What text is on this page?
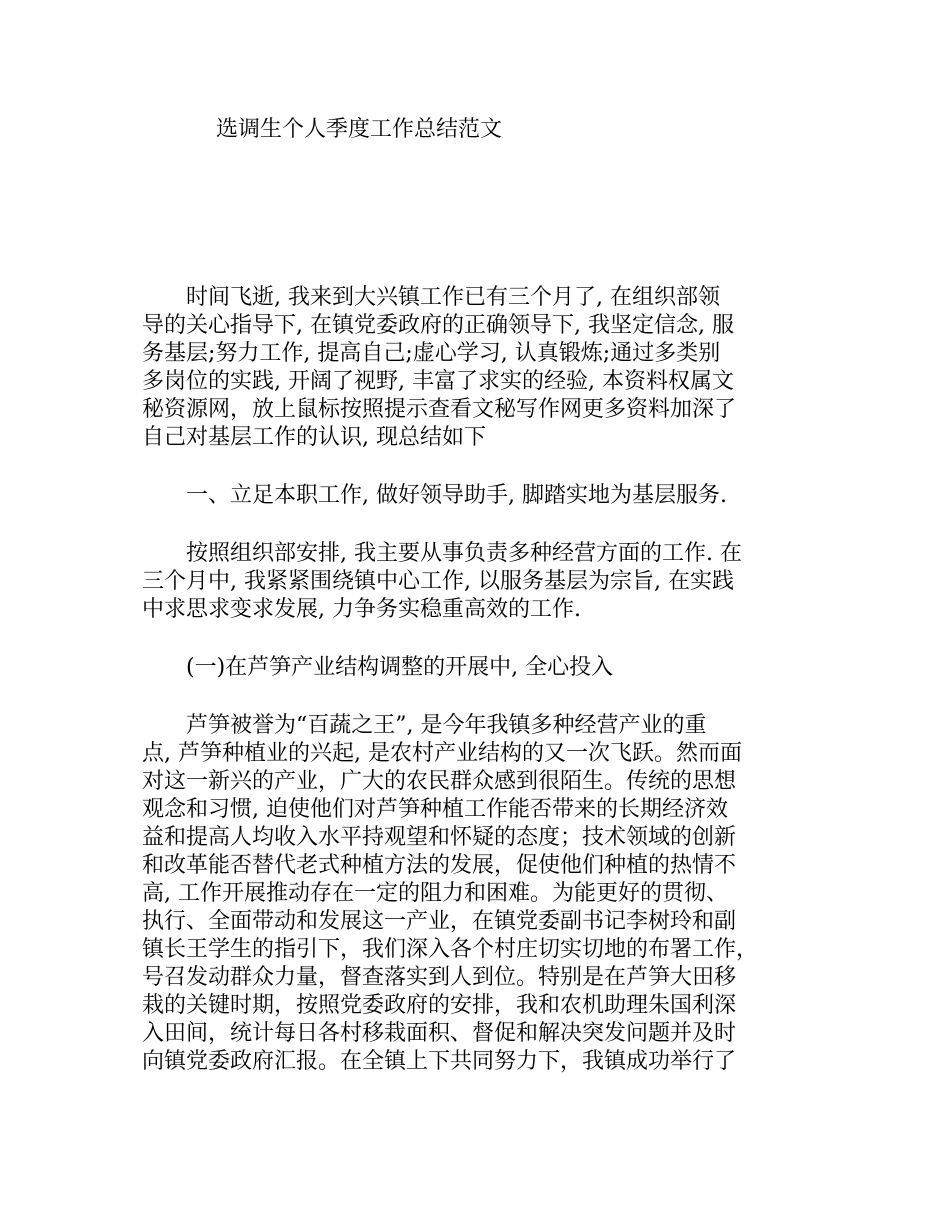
选调生个人季度工作总结范文
　　时间飞逝, 我来到大兴镇工作已有三个月了, 在组织部领
导的关心指导下, 在镇党委政府的正确领导下, 我坚定信念, 服
务基层;努力工作, 提高自己;虚心学习, 认真锻炼;通过多类别
多岗位的实践, 开阔了视野, 丰富了求实的经验, 本资料权属文
秘资源网，放上鼠标按照提示查看文秘写作网更多资料加深了
自己对基层工作的认识, 现总结如下
　　一、立足本职工作, 做好领导助手, 脚踏实地为基层服务.
　　按照组织部安排, 我主要从事负责多种经营方面的工作. 在
三个月中, 我紧紧围绕镇中心工作, 以服务基层为宗旨, 在实践
中求思求变求发展, 力争务实稳重高效的工作.
　　(一)在芦笋产业结构调整的开展中, 全心投入
　　芦笋被誉为“百蔬之王”, 是今年我镇多种经营产业的重
点, 芦笋种植业的兴起, 是农村产业结构的又一次飞跃。然而面
对这一新兴的产业，广大的农民群众感到很陌生。传统的思想
观念和习惯, 迫使他们对芦笋种植工作能否带来的长期经济效
益和提高人均收入水平持观望和怀疑的态度；技术领域的创新
和改革能否替代老式种植方法的发展，促使他们种植的热情不
高, 工作开展推动存在一定的阻力和困难。为能更好的贯彻、
执行、全面带动和发展这一产业，在镇党委副书记李树玲和副
镇长王学生的指引下，我们深入各个村庄切实切地的布署工作，
号召发动群众力量，督查落实到人到位。特别是在芦笋大田移
栽的关键时期，按照党委政府的安排，我和农机助理朱国利深
入田间，统计每日各村移栽面积、督促和解决突发问题并及时
向镇党委政府汇报。在全镇上下共同努力下，我镇成功举行了
